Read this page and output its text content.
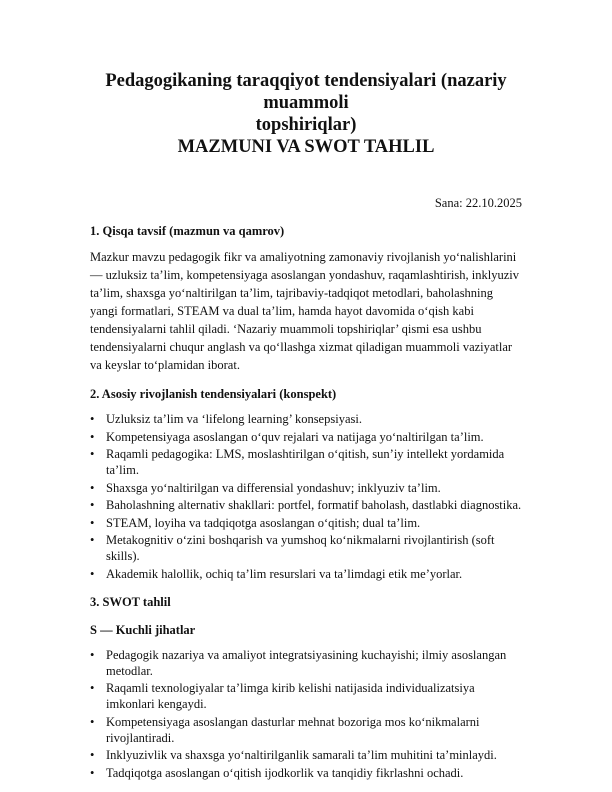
Pedagogikaning taraqqiyot tendensiyalari (nazariy muammoli
topshiriqlar)
MAZMUNI VA SWOT TAHLIL
Sana: 22.10.2025
1. Qisqa tavsif (mazmun va qamrov)

Mazkur mavzu pedagogik fikr va amaliyotning zamonaviy rivojlanish yo‘nalishlarini — uzluksiz ta’lim, kompetensiyaga asoslangan yondashuv, raqamlashtirish, inklyuziv ta’lim, shaxsga yo‘naltirilgan ta’lim, tajribaviy-tadqiqot metodlari, baholashning yangi formatlari, STEAM va dual ta’lim, hamda hayot davomida o‘qish kabi tendensiyalarni tahlil qiladi. ‘Nazariy muammoli topshiriqlar’ qismi esa ushbu tendensiyalarni chuqur anglash va qo‘llashga xizmat qiladigan muammoli vaziyatlar va keyslar to‘plamidan iborat.

2. Asosiy rivojlanish tendensiyalari (konspekt)
• Uzluksiz ta’lim va ‘lifelong learning’ konsepsiyasi.
• Kompetensiyaga asoslangan o‘quv rejalari va natijaga yo‘naltirilgan ta’lim.
• Raqamli pedagogika: LMS, moslashtirilgan o‘qitish, sun’iy intellekt yordamida ta’lim.
• Shaxsga yo‘naltirilgan va differensial yondashuv; inklyuziv ta’lim.
• Baholashning alternativ shakllari: portfel, formatif baholash, dastlabki diagnostika.
• STEAM, loyiha va tadqiqotga asoslangan o‘qitish; dual ta’lim.
• Metakognitiv o‘zini boshqarish va yumshoq ko‘nikmalarni rivojlantirish (soft skills).
• Akademik halollik, ochiq ta’lim resurslari va ta’limdagi etik me’yorlar.
3. SWOT tahlil
S — Kuchli jihatlar
• Pedagogik nazariya va amaliyot integratsiyasining kuchayishi; ilmiy asoslangan metodlar.
• Raqamli texnologiyalar ta’limga kirib kelishi natijasida individualizatsiya imkonlari kengaydi.
• Kompetensiyaga asoslangan dasturlar mehnat bozoriga mos ko‘nikmalarni rivojlantiradi.
• Inklyuzivlik va shaxsga yo‘naltirilganlik samarali ta’lim muhitini ta’minlaydi.
• Tadqiqotga asoslangan o‘qitish ijodkorlik va tanqidiy fikrlashni ochadi.
